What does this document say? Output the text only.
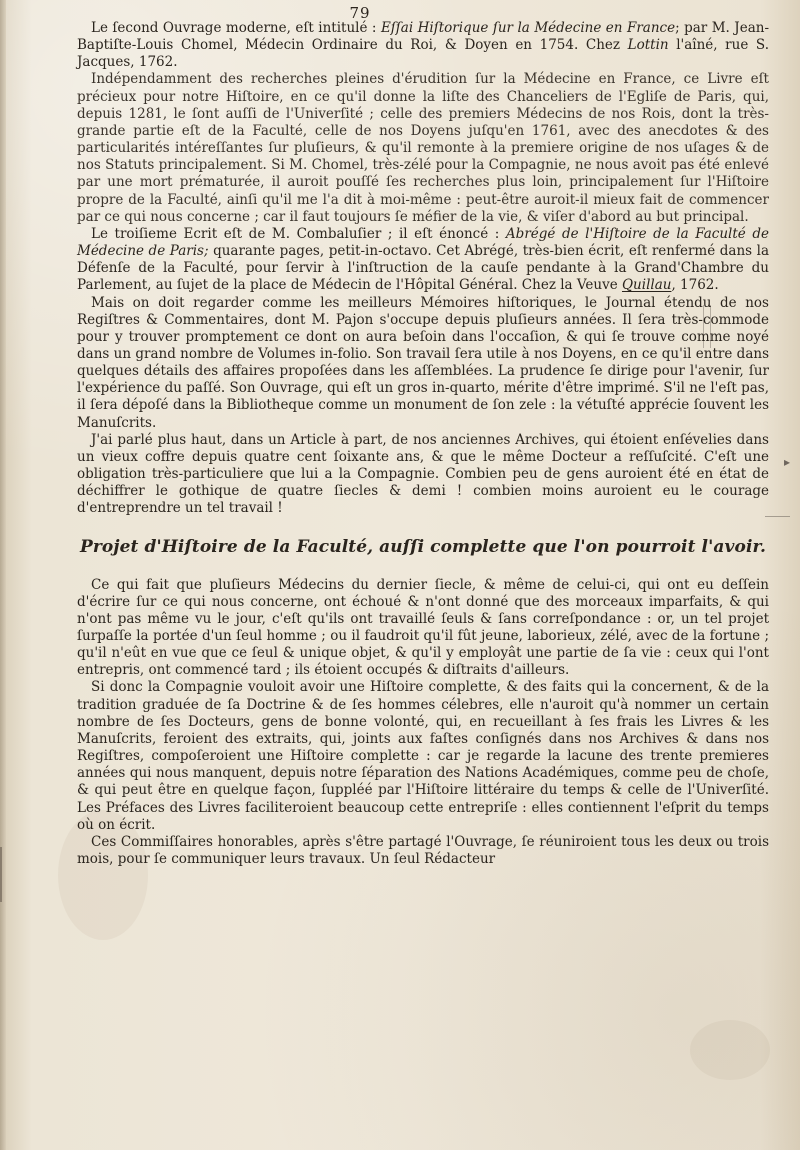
79
▸

Le ſecond Ouvrage moderne, eſt intitulé : Eſſai Hiſtorique ſur la Médecine en France; par M. Jean-Baptiſte-Louis Chomel, Médecin Ordinaire du Roi, & Doyen en 1754. Chez Lottin l'aîné, rue S. Jacques, 1762.

Indépendamment des recherches pleines d'érudition ſur la Médecine en France, ce Livre eſt précieux pour notre Hiſtoire, en ce qu'il donne la liſte des Chanceliers de l'Egliſe de Paris, qui, depuis 1281, le ſont auſſi de l'Univerſité ; celle des premiers Médecins de nos Rois, dont la très-grande partie eſt de la Faculté, celle de nos Doyens juſqu'en 1761, avec des anecdotes & des particularités intéreſſantes ſur pluſieurs, & qu'il remonte à la premiere origine de nos uſages & de nos Statuts principalement. Si M. Chomel, très-zélé pour la Compagnie, ne nous avoit pas été enlevé par une mort prématurée, il auroit pouſſé ſes recherches plus loin, principalement ſur l'Hiſtoire propre de la Faculté, ainſi qu'il me l'a dit à moi-même : peut-être auroit-il mieux fait de commencer par ce qui nous concerne ; car il faut toujours ſe méfier de la vie, & viſer d'abord au but principal.

Le troiſieme Ecrit eſt de M. Combaluſier ; il eſt énoncé : Abrégé de l'Hiſtoire de la Faculté de Médecine de Paris; quarante pages, petit-in-octavo. Cet Abrégé, très-bien écrit, eſt renfermé dans la Défenſe de la Faculté, pour ſervir à l'inſtruction de la cauſe pendante à la Grand'Chambre du Parlement, au ſujet de la place de Médecin de l'Hôpital Général. Chez la Veuve Quillau, 1762.

Mais on doit regarder comme les meilleurs Mémoires hiſtoriques, le Journal étendu de nos Regiſtres & Commentaires, dont M. Pajon s'occupe depuis pluſieurs années. Il ſera très-commode pour y trouver promptement ce dont on aura beſoin dans l'occaſion, & qui ſe trouve comme noyé dans un grand nombre de Volumes in-folio. Son travail ſera utile à nos Doyens, en ce qu'il entre dans quelques détails des affaires propoſées dans les aſſemblées. La prudence ſe dirige pour l'avenir, ſur l'expérience du paſſé. Son Ouvrage, qui eſt un gros in-quarto, mérite d'être imprimé. S'il ne l'eſt pas, il ſera dépoſé dans la Bibliotheque comme un monument de ſon zele : la vétuſté apprécie ſouvent les Manuſcrits.

J'ai parlé plus haut, dans un Article à part, de nos anciennes Archives, qui étoient enſévelies dans un vieux coffre depuis quatre cent ſoixante ans, & que le même Docteur a reſſuſcité. C'eſt une obligation très-particuliere que lui a la Compagnie. Combien peu de gens auroient été en état de déchiffrer le gothique de quatre ſiecles & demi ! combien moins auroient eu le courage d'entreprendre un tel travail !

Projet d'Hiſtoire de la Faculté, auſſi complette que l'on pourroit l'avoir.

Ce qui fait que pluſieurs Médecins du dernier ſiecle, & même de celui-ci, qui ont eu deſſein d'écrire ſur ce qui nous concerne, ont échoué & n'ont donné que des morceaux imparfaits, & qui n'ont pas même vu le jour, c'eſt qu'ils ont travaillé ſeuls & ſans correſpondance : or, un tel projet ſurpaſſe la portée d'un ſeul homme ; ou il faudroit qu'il fût jeune, laborieux, zélé, avec de la fortune ; qu'il n'eût en vue que ce ſeul & unique objet, & qu'il y employât une partie de ſa vie : ceux qui l'ont entrepris, ont commencé tard ; ils étoient occupés & diſtraits d'ailleurs.

Si donc la Compagnie vouloit avoir une Hiſtoire complette, & des faits qui la concernent, & de la tradition graduée de ſa Doctrine & de ſes hommes célebres, elle n'auroit qu'à nommer un certain nombre de ſes Docteurs, gens de bonne volonté, qui, en recueillant à ſes frais les Livres & les Manuſcrits, feroient des extraits, qui, joints aux faſtes conſignés dans nos Archives & dans nos Regiſtres, compoſeroient une Hiſtoire complette : car je regarde la lacune des trente premieres années qui nous manquent, depuis notre ſéparation des Nations Académiques, comme peu de choſe, & qui peut être en quelque façon, ſuppléé par l'Hiſtoire littéraire du temps & celle de l'Univerſité. Les Préfaces des Livres faciliteroient beaucoup cette entrepriſe : elles contiennent l'eſprit du temps où on écrit.

Ces Commiſſaires honorables, après s'être partagé l'Ouvrage, ſe réuniroient tous les deux ou trois mois, pour ſe communiquer leurs travaux. Un ſeul Rédacteur
